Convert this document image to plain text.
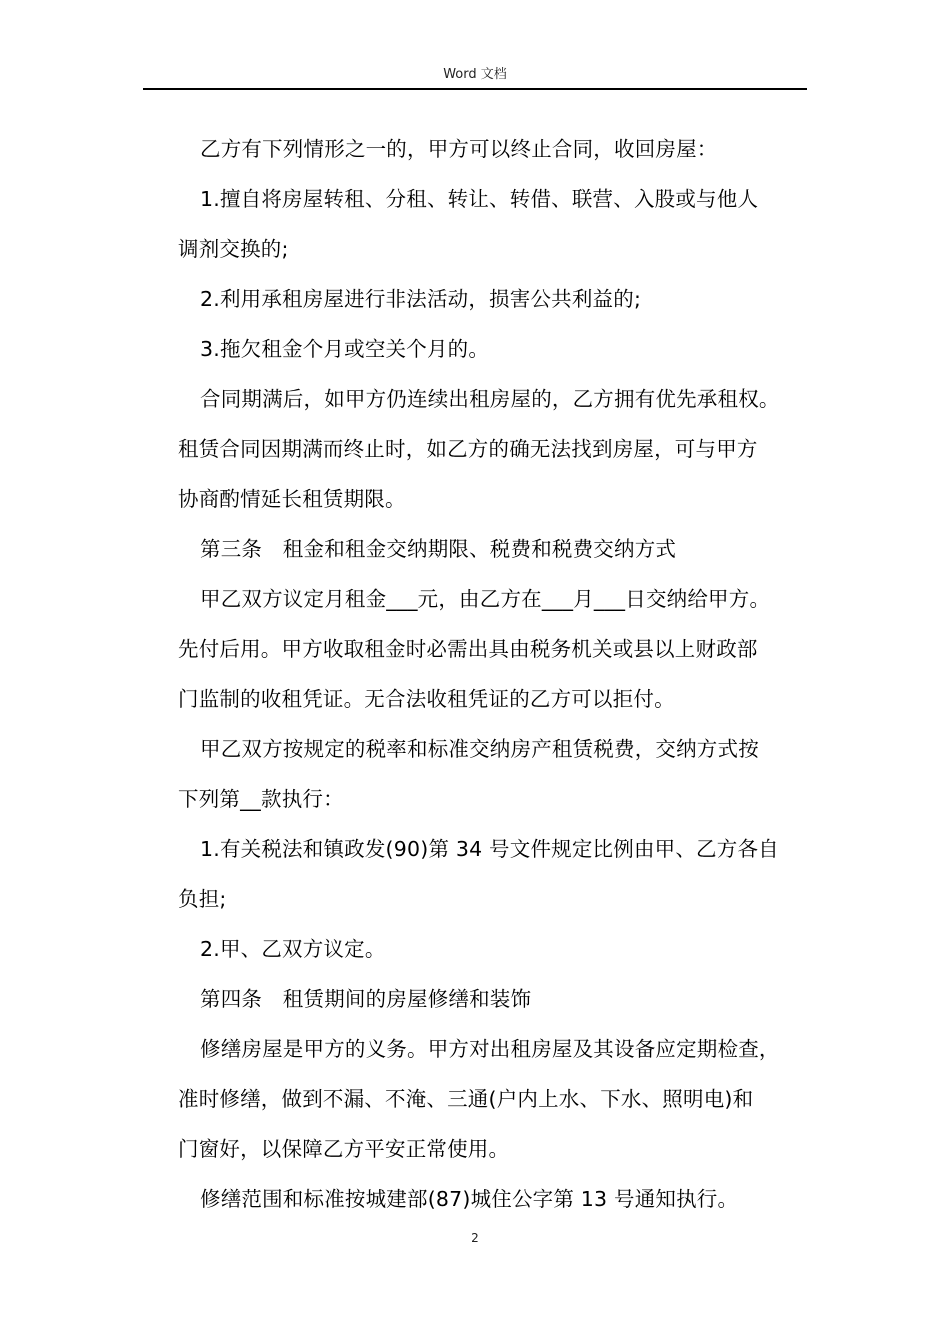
Word 文档
乙方有下列情形之一的，甲方可以终止合同，收回房屋：
1.擅自将房屋转租、分租、转让、转借、联营、入股或与他人
调剂交换的;
2.利用承租房屋进行非法活动，损害公共利益的;
3.拖欠租金个月或空关个月的。
合同期满后，如甲方仍连续出租房屋的，乙方拥有优先承租权。
租赁合同因期满而终止时，如乙方的确无法找到房屋，可与甲方
协商酌情延长租赁期限。
第三条　租金和租金交纳期限、税费和税费交纳方式
甲乙双方议定月租金___元，由乙方在___月___日交纳给甲方。
先付后用。甲方收取租金时必需出具由税务机关或县以上财政部
门监制的收租凭证。无合法收租凭证的乙方可以拒付。
甲乙双方按规定的税率和标准交纳房产租赁税费，交纳方式按
下列第__款执行：
1.有关税法和镇政发(90)第 34 号文件规定比例由甲、乙方各自
负担;
2.甲、乙双方议定。
第四条　租赁期间的房屋修缮和装饰
修缮房屋是甲方的义务。甲方对出租房屋及其设备应定期检查，
准时修缮，做到不漏、不淹、三通(户内上水、下水、照明电)和
门窗好，以保障乙方平安正常使用。
修缮范围和标准按城建部(87)城住公字第 13 号通知执行。
2
